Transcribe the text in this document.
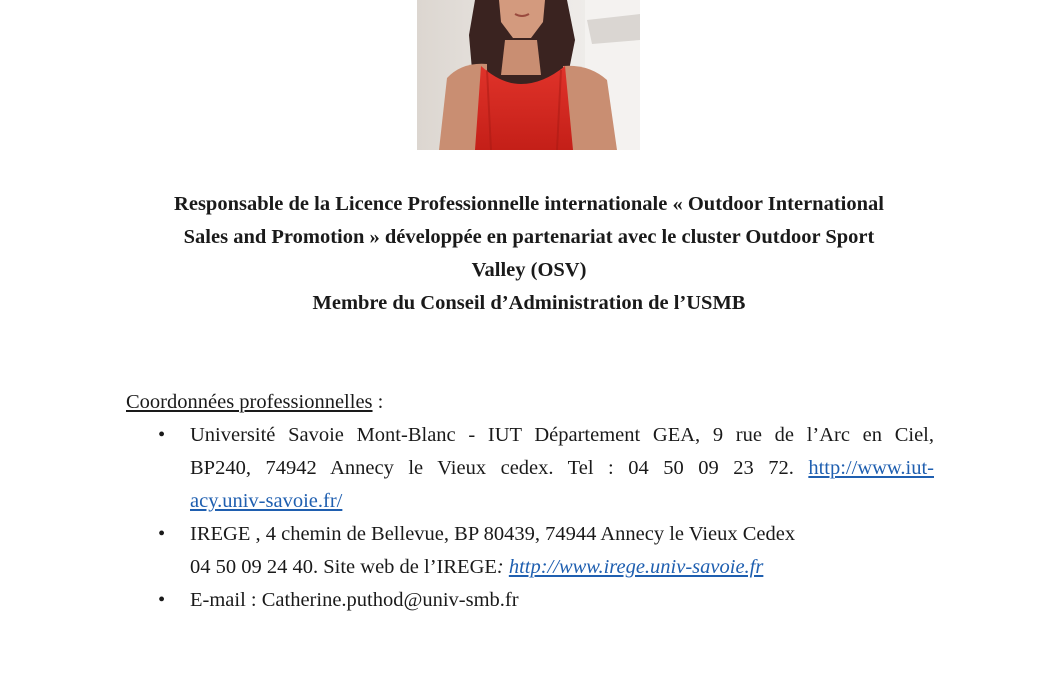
Responsable de la Licence Professionnelle internationale « Outdoor International

Sales and Promotion » développée en partenariat avec le cluster Outdoor Sport

Valley (OSV)

Membre du Conseil d’Administration de l’USMB

Coordonnées professionnelles :

• Université Savoie Mont-Blanc - IUT Département GEA, 9 rue de l’Arc en Ciel,
BP240, 74942 Annecy le Vieux cedex. Tel : 04 50 09 23 72. http://www.iut-
acy.univ-savoie.fr/
• IREGE , 4 chemin de Bellevue, BP 80439, 74944 Annecy le Vieux Cedex
04 50 09 24 40. Site web de l’IREGE: http://www.irege.univ-savoie.fr
• E-mail : Catherine.puthod@univ-smb.fr
